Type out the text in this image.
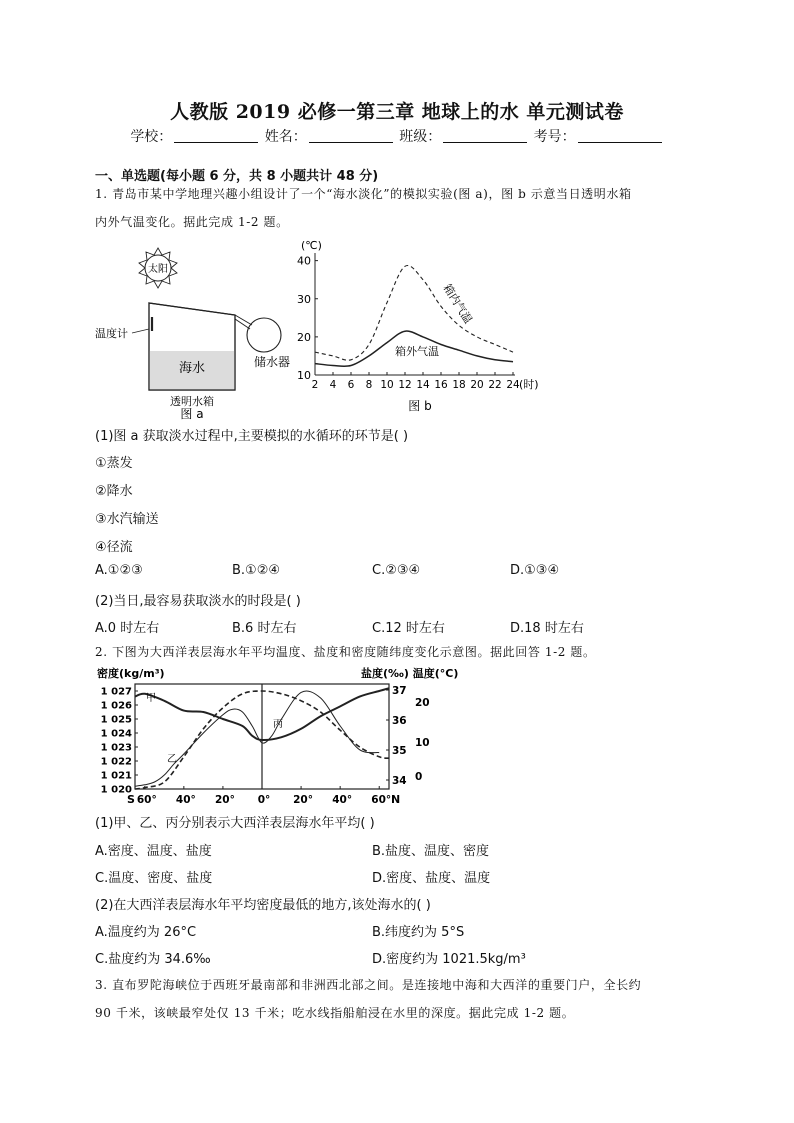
人教版 2019 必修一第三章 地球上的水 单元测试卷
学校：	姓名：	班级：	考号：
一、单选题(每小题 6 分，共 8 小题共计 48 分)
1. 青岛市某中学地理兴趣小组设计了一个“海水淡化”的模拟实验(图 a)，图 b 示意当日透明水箱
内外气温变化。据此完成 1-2 题。
太阳
温度计
海水	储水器
透明水箱
图 a
(℃)
2 4 6 8 10 12 14 16 18 20 22 24
10
20
30
40
箱内气温
箱外气温
(时)
图 b
(1)图 a 获取淡水过程中,主要模拟的水循环的环节是( )
①蒸发
②降水
③水汽输送
④径流
A.①②③	B.①②④	C.②③④	D.①③④
(2)当日,最容易获取淡水的时段是( )
A.0 时左右	B.6 时左右	C.12 时左右	D.18 时左右
2. 下图为大西洋表层海水年平均温度、盐度和密度随纬度变化示意图。据此回答 1-2 题。
密度(kg/m³)	盐度(‰) 温度(°C)
60° 40° 20° 0° 20° 40° 60°
1 027
1 026
1 025
1 024
1 023
1 022
1 021
1 020
37
36
35
34
20
10
0
甲
乙
丙
S	N
(1)甲、乙、丙分别表示大西洋表层海水年平均( )
A.密度、温度、盐度	B.盐度、温度、密度
C.温度、密度、盐度	D.密度、盐度、温度
(2)在大西洋表层海水年平均密度最低的地方,该处海水的( )
A.温度约为 26°C	B.纬度约为 5°S
C.盐度约为 34.6‰	D.密度约为 1021.5kg/m³
3. 直布罗陀海峡位于西班牙最南部和非洲西北部之间。是连接地中海和大西洋的重要门户，全长约
90 千米，该峡最窄处仅 13 千米；吃水线指船舶浸在水里的深度。据此完成 1-2 题。
